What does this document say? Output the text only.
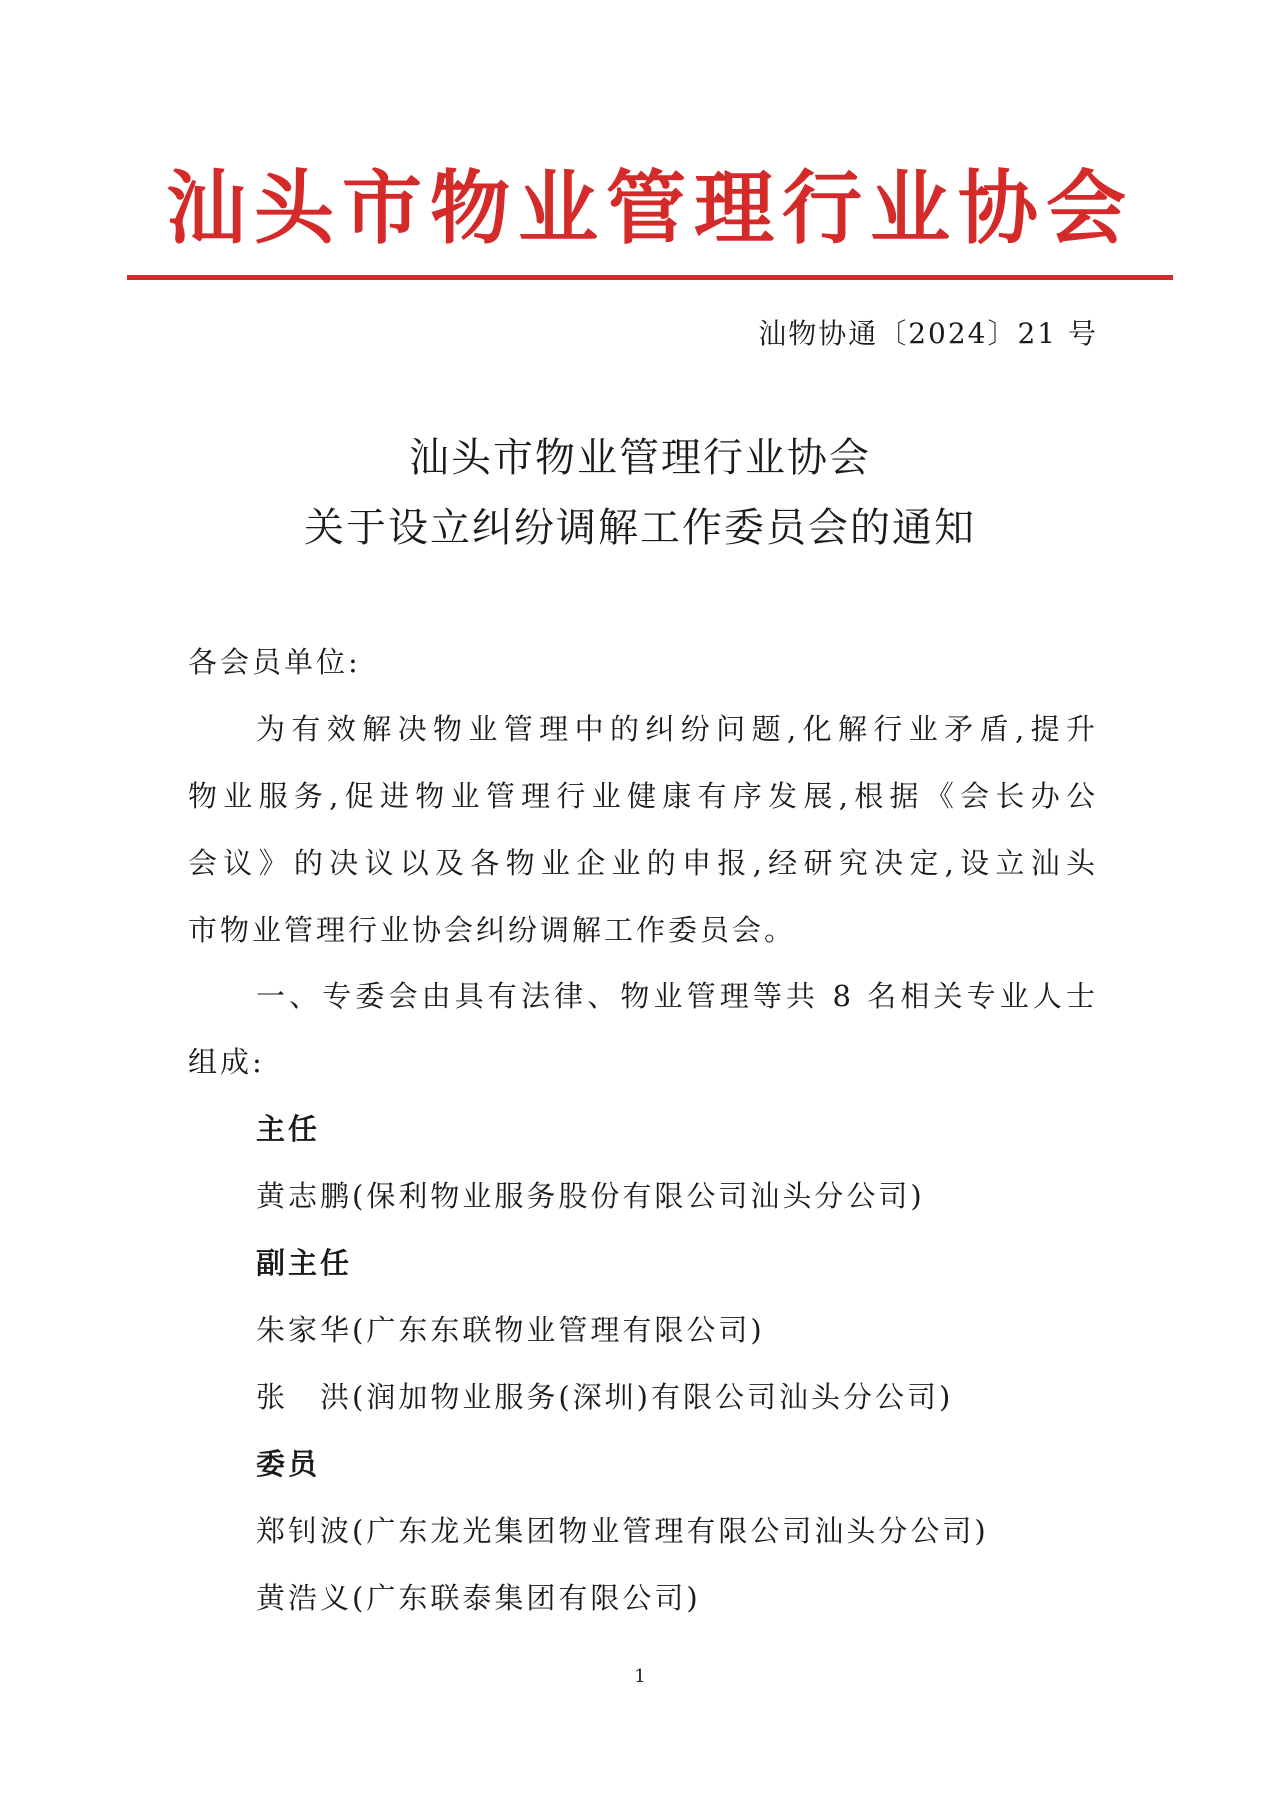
汕头市物业管理行业协会
汕物协通〔2024〕21 号
汕头市物业管理行业协会
关于设立纠纷调解工作委员会的通知
各会员单位:
为有效解决物业管理中的纠纷问题,化解行业矛盾,提升
物业服务,促进物业管理行业健康有序发展,根据《会长办公
会议》的决议以及各物业企业的申报,经研究决定,设立汕头
市物业管理行业协会纠纷调解工作委员会。
一、专委会由具有法律、物业管理等共 8 名相关专业人士
组成:
主任
黄志鹏(保利物业服务股份有限公司汕头分公司)
副主任
朱家华(广东东联物业管理有限公司)
张　洪(润加物业服务(深圳)有限公司汕头分公司)
委员
郑钊波(广东龙光集团物业管理有限公司汕头分公司)
黄浩义(广东联泰集团有限公司)
1
